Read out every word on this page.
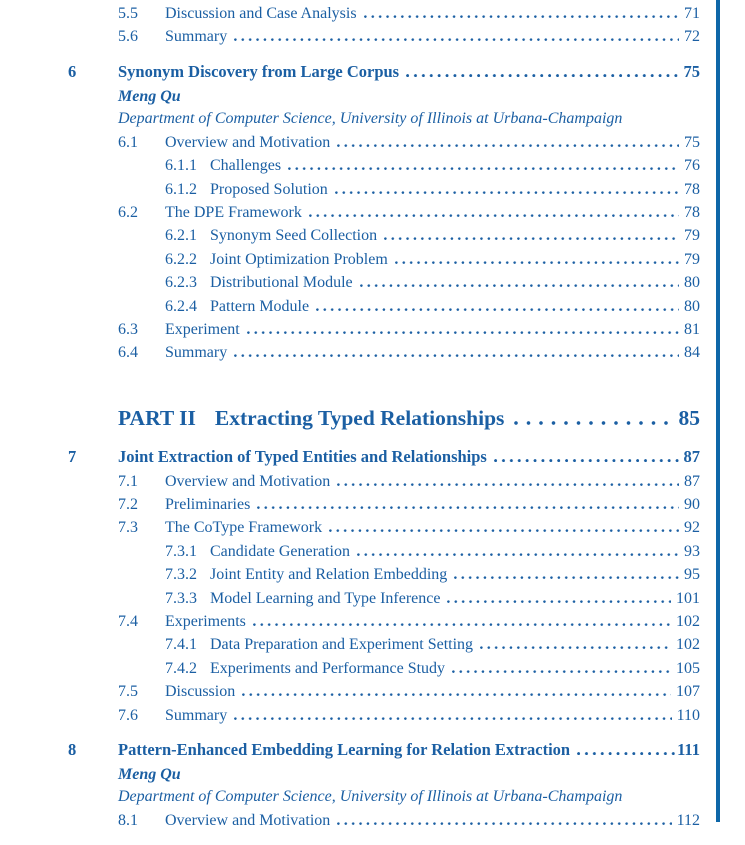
5.5	Discussion and Case Analysis	71
5.6	Summary	72
6	Synonym Discovery from Large Corpus	75
Meng Qu
Department of Computer Science, University of Illinois at Urbana-Champaign
6.1	Overview and Motivation	75
6.1.1 Challenges	76
6.1.2 Proposed Solution	78
6.2	The DPE Framework	78
6.2.1 Synonym Seed Collection	79
6.2.2 Joint Optimization Problem	79
6.2.3 Distributional Module	80
6.2.4 Pattern Module	80
6.3	Experiment	81
6.4	Summary	84
PART II Extracting Typed Relationships	85
7	Joint Extraction of Typed Entities and Relationships	87
7.1	Overview and Motivation	87
7.2	Preliminaries	90
7.3	The CoType Framework	92
7.3.1 Candidate Generation	93
7.3.2 Joint Entity and Relation Embedding	95
7.3.3 Model Learning and Type Inference	101
7.4	Experiments	102
7.4.1 Data Preparation and Experiment Setting	102
7.4.2 Experiments and Performance Study	105
7.5	Discussion	107
7.6	Summary	110
8	Pattern-Enhanced Embedding Learning for Relation Extraction	111
Meng Qu
Department of Computer Science, University of Illinois at Urbana-Champaign
8.1	Overview and Motivation	112
